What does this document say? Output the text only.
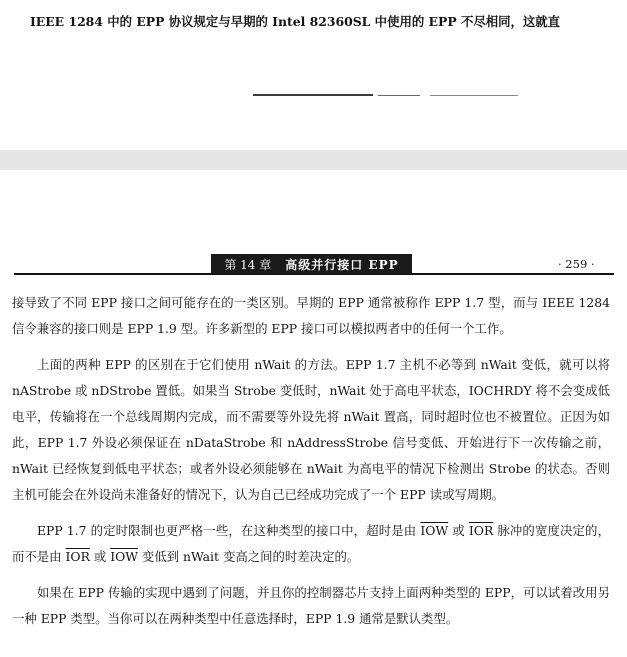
IEEE 1284 中的 EPP 协议规定与早期的 Intel 82360SL 中使用的 EPP 不尽相同，这就直
第 14 章 高级并行接口 EPP	· 259 ·

接导致了不同 EPP 接口之间可能存在的一类区别。早期的 EPP 通常被称作 EPP 1.7 型，而与 IEEE 1284 信令兼容的接口则是 EPP 1.9 型。许多新型的 EPP 接口可以模拟两者中的任何一个工作。

上面的两种 EPP 的区别在于它们使用 nWait 的方法。EPP 1.7 主机不必等到 nWait 变低，就可以将 nAStrobe 或 nDStrobe 置低。如果当 Strobe 变低时，nWait 处于高电平状态，IOCHRDY 将不会变成低电平，传输将在一个总线周期内完成，而不需要等外设先将 nWait 置高，同时超时位也不被置位。正因为如此，EPP 1.7 外设必须保证在 nDataStrobe 和 nAddressStrobe 信号变低、开始进行下一次传输之前，nWait 已经恢复到低电平状态；或者外设必须能够在 nWait 为高电平的情况下检测出 Strobe 的状态。否则主机可能会在外设尚未准备好的情况下，认为自己已经成功完成了一个 EPP 读或写周期。

EPP 1.7 的定时限制也更严格一些，在这种类型的接口中，超时是由 $\overline{IOW}$ 或 $\overline{IOR}$ 脉冲的宽度决定的，而不是由 $\overline{IOR}$ 或 $\overline{IOW}$ 变低到 nWait 变高之间的时差决定的。

如果在 EPP 传输的实现中遇到了问题，并且你的控制器芯片支持上面两种类型的 EPP，可以试着改用另一种 EPP 类型。当你可以在两种类型中任意选择时，EPP 1.9 通常是默认类型。
